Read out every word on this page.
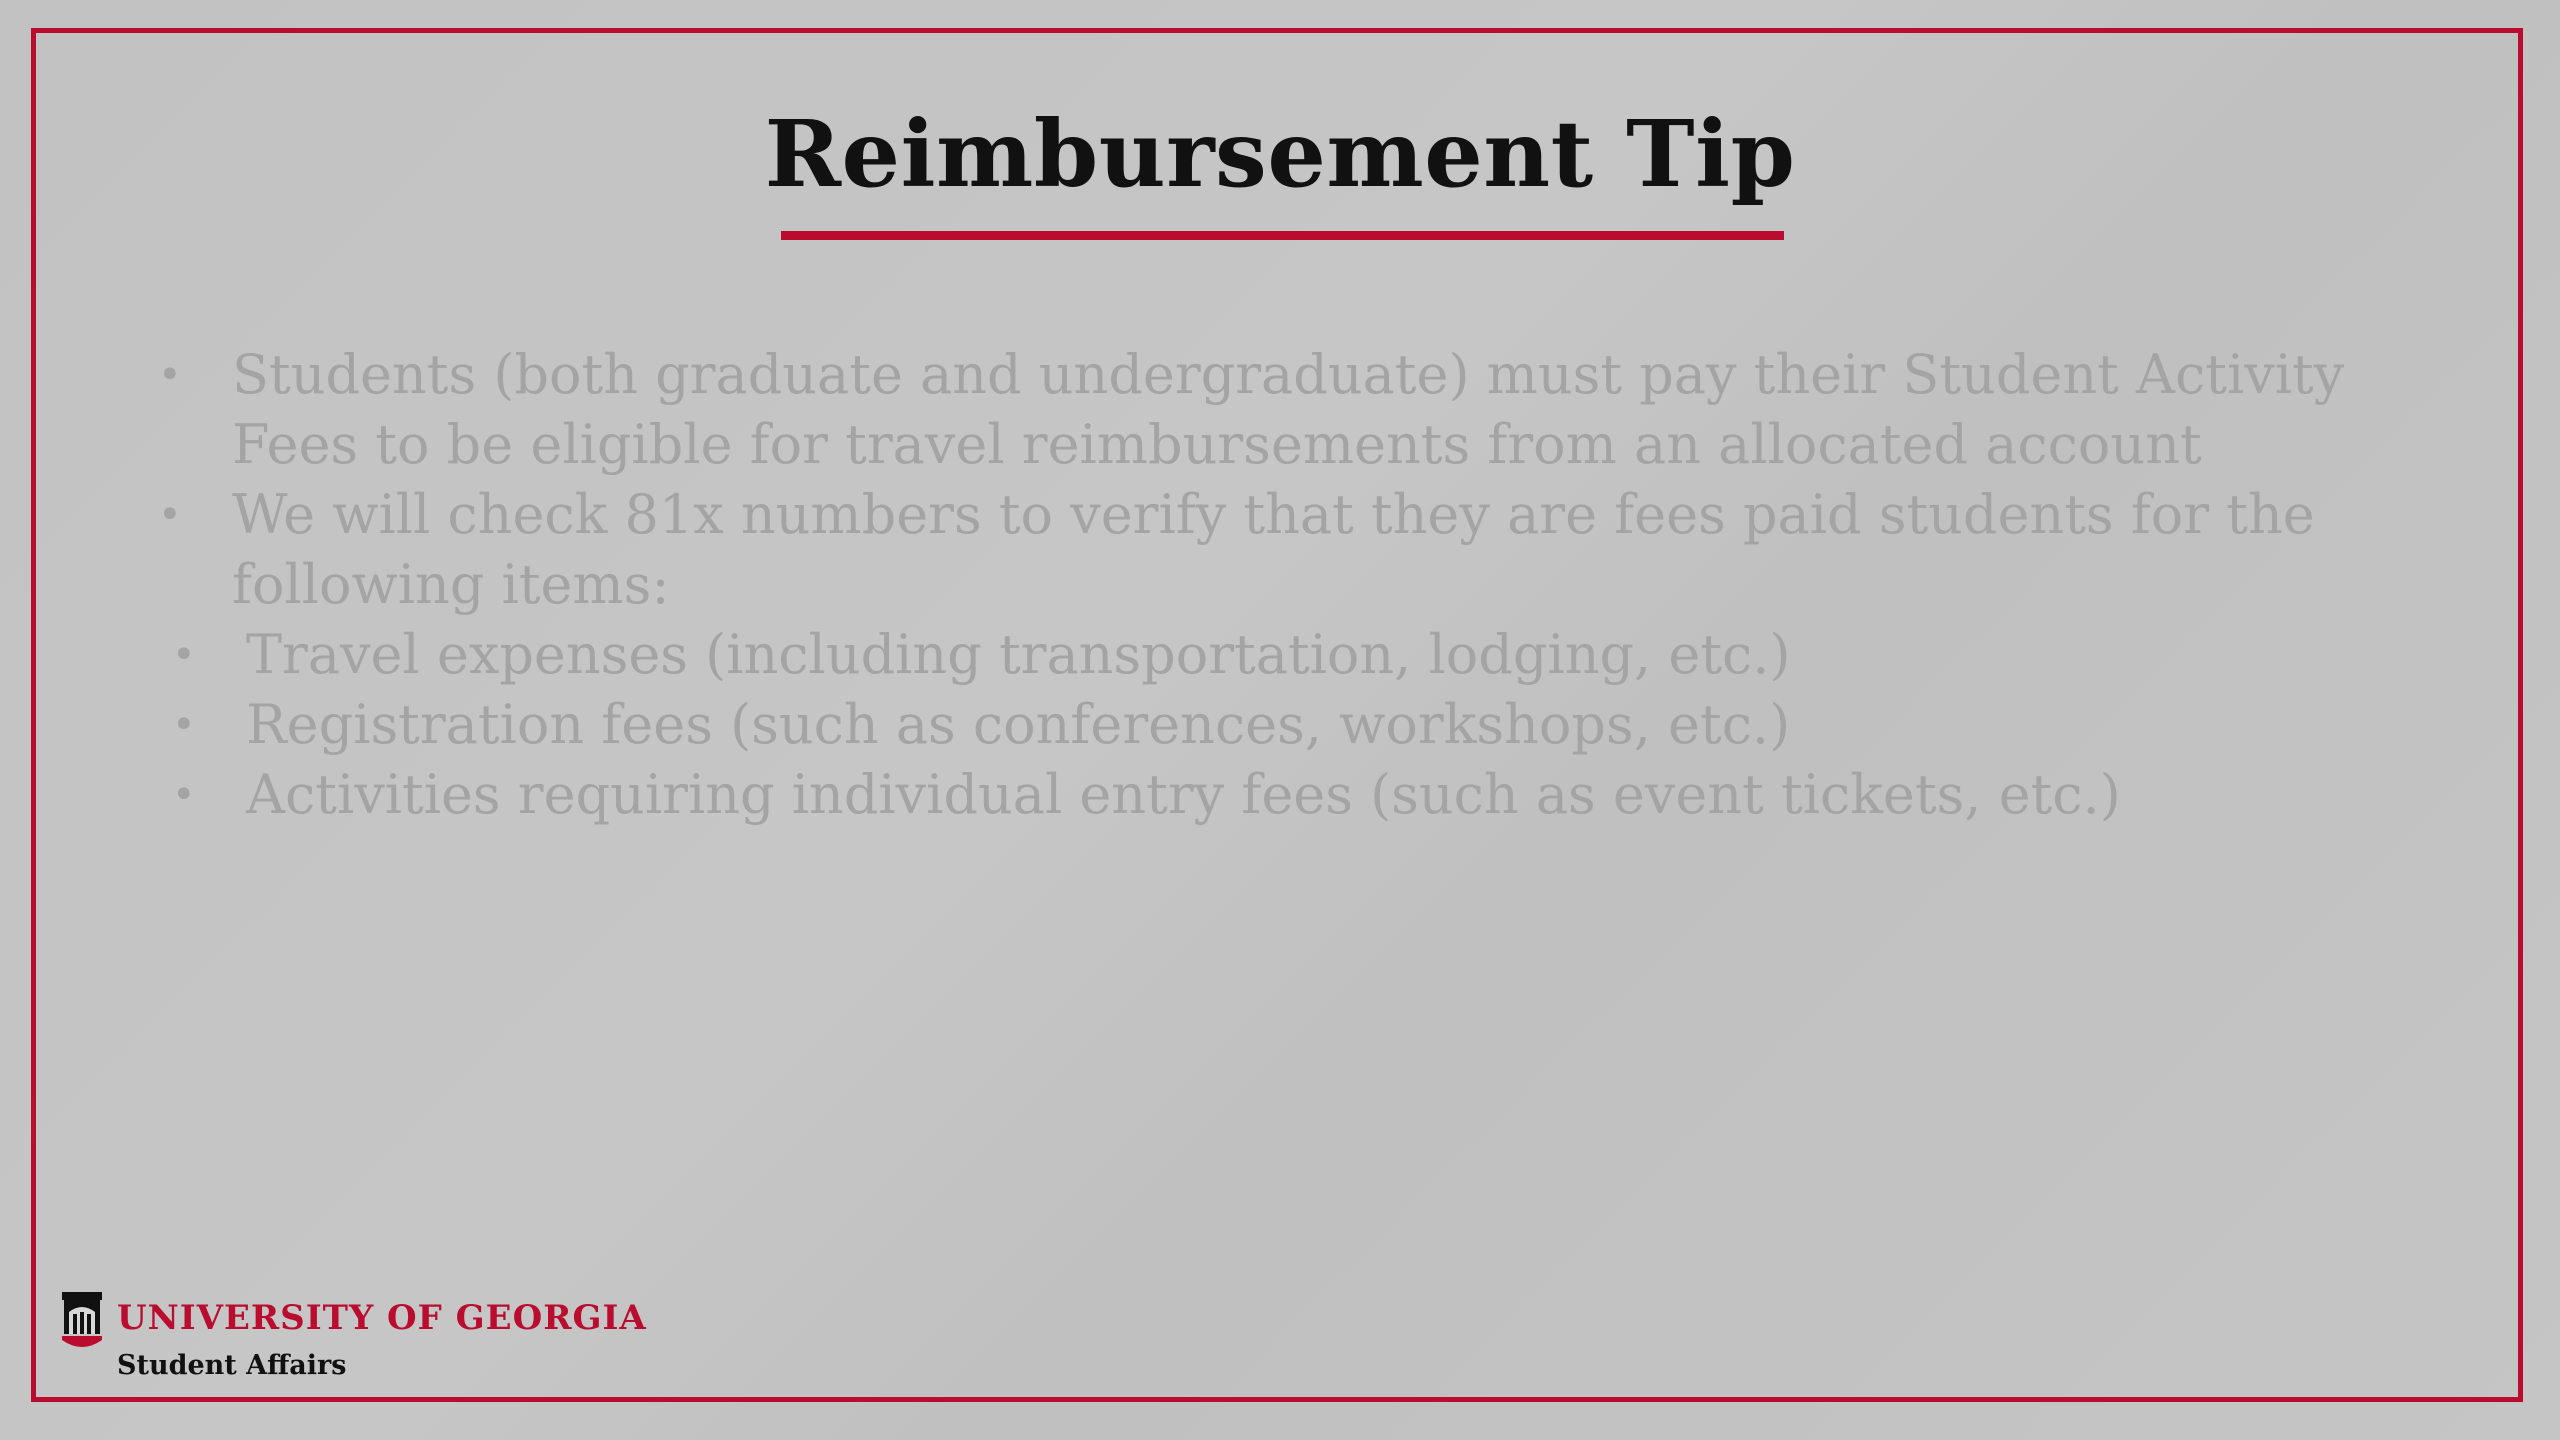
Reimbursement Tip
• Students (both graduate and undergraduate) must pay their Student Activity Fees to be eligible for travel reimbursements from an allocated account
• We will check 81x numbers to verify that they are fees paid students for the following items:
• Travel expenses (including transportation, lodging, etc.)
• Registration fees (such as conferences, workshops, etc.)
• Activities requiring individual entry fees (such as event tickets, etc.)
UNIVERSITY OF GEORGIA
Student Affairs
